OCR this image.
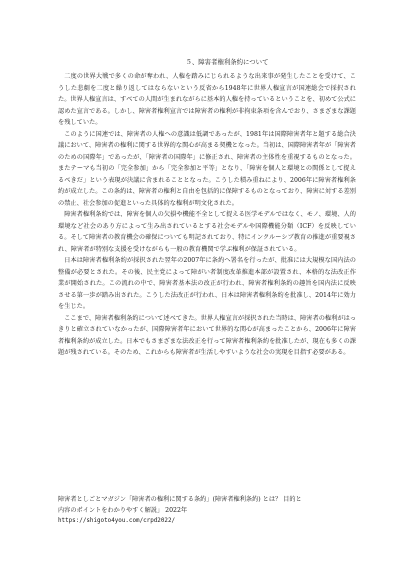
５、障害者権利条約について

二度の世界大戦で多くの命が奪われ、人権を踏みにじられるような出来事が発生したことを受けて、こうした悲劇を二度と繰り返してはならないという反省から1948年に世界人権宣言が国連総会で採択された。世界人権宣言は、すべての人間が生まれながらに基本的人権を持っているということを、初めて公式に認めた宣言である。しかし、障害者権利宣言では障害者の権利が非拘束条項を含んでおり、さまざまな課題を残していた。

このように国連では、障害者の人権への意識は低調であったが、1981年は国際障害者年と題する総合決議において、障害者の権利に関する世界的な関心が高まる契機となった。当初は、国際障害者年が「障害者のための国際年」であったが、「障害者の国際年」に修正され、障害者の主体性を重視するものとなった。またテーマも当初の「完全参加」から「完全参加と平等」となり、「障害を個人と環境との関係として捉えるべきだ」という表現が決議に含まれることとなった。こうした積み重ねにより、2006年に障害者権利条約が成立した。この条約は、障害者の権利と自由を包括的に保障するものとなっており、障害に対する差別の禁止、社会参加の促進といった具体的な権利が明文化された。

障害者権利条約では、障害を個人の欠損や機能不全として捉える医学モデルではなく、モノ、環境、人的環境など社会のあり方によって生み出されているとする社会モデルや国際機能分類（ICF）を反映している。そして障害者の教育機会の確保についても明記されており、特にインクルーシブ教育の推進が重要視され、障害者が特別な支援を受けながらも一般の教育機関で学ぶ権利が保証されている。

日本は障害者権利条約が採択された翌年の2007年に条約へ署名を行ったが、批准には大規模な国内法の整備が必要とされた。その後、民主党によって障がい者制度改革推進本部が設置され、本格的な法改正作業が開始された。この流れの中で、障害者基本法の改正が行われ、障害者権利条約の趣旨を国内法に反映させる第一歩が踏み出された。こうした法改正が行われ、日本は障害者権利条約を批准し、2014年に効力を生じた。

ここまで、障害者権利条約について述べてきた。世界人権宣言が採択された当時は、障害者の権利がはっきりと確立されていなかったが、国際障害者年において世界的な関心が高まったことから、2006年に障害者権利条約が成立した。日本でもさまざまな法改正を行って障害者権利条約を批准したが、現在も多くの課題が残されている。そのため、これからも障害者が生活しやすいような社会の実現を目指す必要がある。

障害者としごとマガジン「障害者の権利に関する条約」(障害者権利条約) とは？ 目的と
内容のポイントをわかりやすく解説」 2022年
https://shigoto4you.com/crpd2022/
